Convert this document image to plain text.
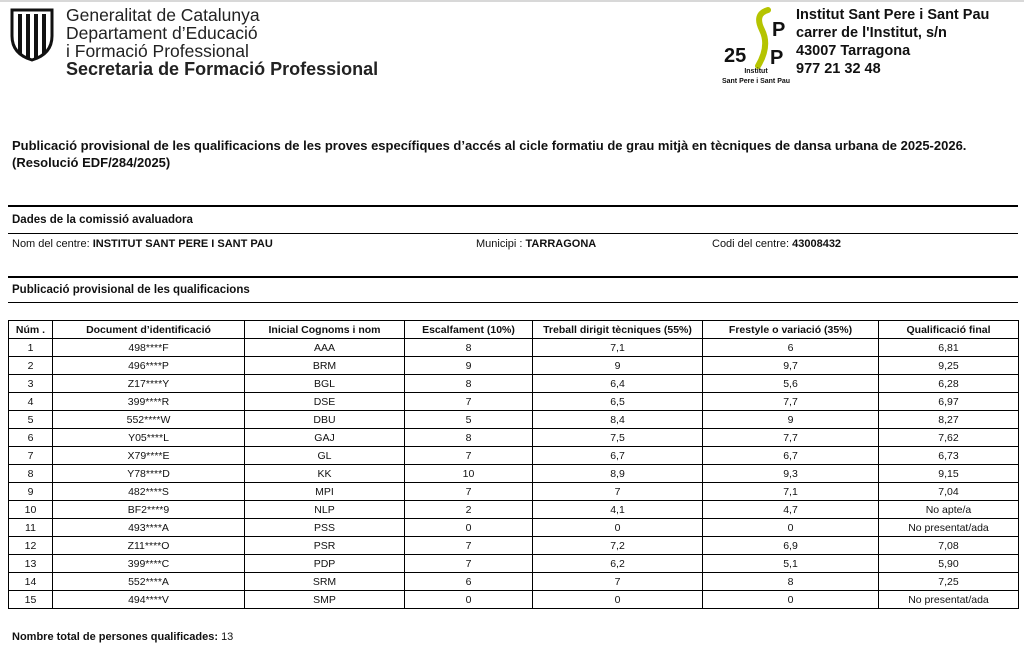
Generalitat de Catalunya
Departament d’Educació
i Formació Professional
Secretaria de Formació Professional
P
P
25
Institut
Sant Pere i Sant Pau
Institut Sant Pere i Sant Pau
carrer de l'Institut, s/n
43007 Tarragona
977 21 32 48
Publicació provisional de les qualificacions de les proves específiques d’accés al cicle formatiu de grau mitjà en tècniques de dansa urbana de 2025-2026.
(Resolució EDF/284/2025)
Dades de la comissió avaluadora
Nom del centre: INSTITUT SANT PERE I SANT PAU	Municipi : TARRAGONA	Codi del centre: 43008432
Publicació provisional de les qualificacions
Núm .	Document d’identificació	Inicial Cognoms i nom	Escalfament (10%)	Treball dirigit tècniques (55%)	Frestyle o variació (35%)	Qualificació final
1	498****F	AAA	8	7,1	6	6,81
2	496****P	BRM	9	9	9,7	9,25
3	Z17****Y	BGL	8	6,4	5,6	6,28
4	399****R	DSE	7	6,5	7,7	6,97
5	552****W	DBU	5	8,4	9	8,27
6	Y05****L	GAJ	8	7,5	7,7	7,62
7	X79****E	GL	7	6,7	6,7	6,73
8	Y78****D	KK	10	8,9	9,3	9,15
9	482****S	MPI	7	7	7,1	7,04
10	BF2****9	NLP	2	4,1	4,7	No apte/a
11	493****A	PSS	0	0	0	No presentat/ada
12	Z11****O	PSR	7	7,2	6,9	7,08
13	399****C	PDP	7	6,2	5,1	5,90
14	552****A	SRM	6	7	8	7,25
15	494****V	SMP	0	0	0	No presentat/ada
Nombre total de persones qualificades: 13
